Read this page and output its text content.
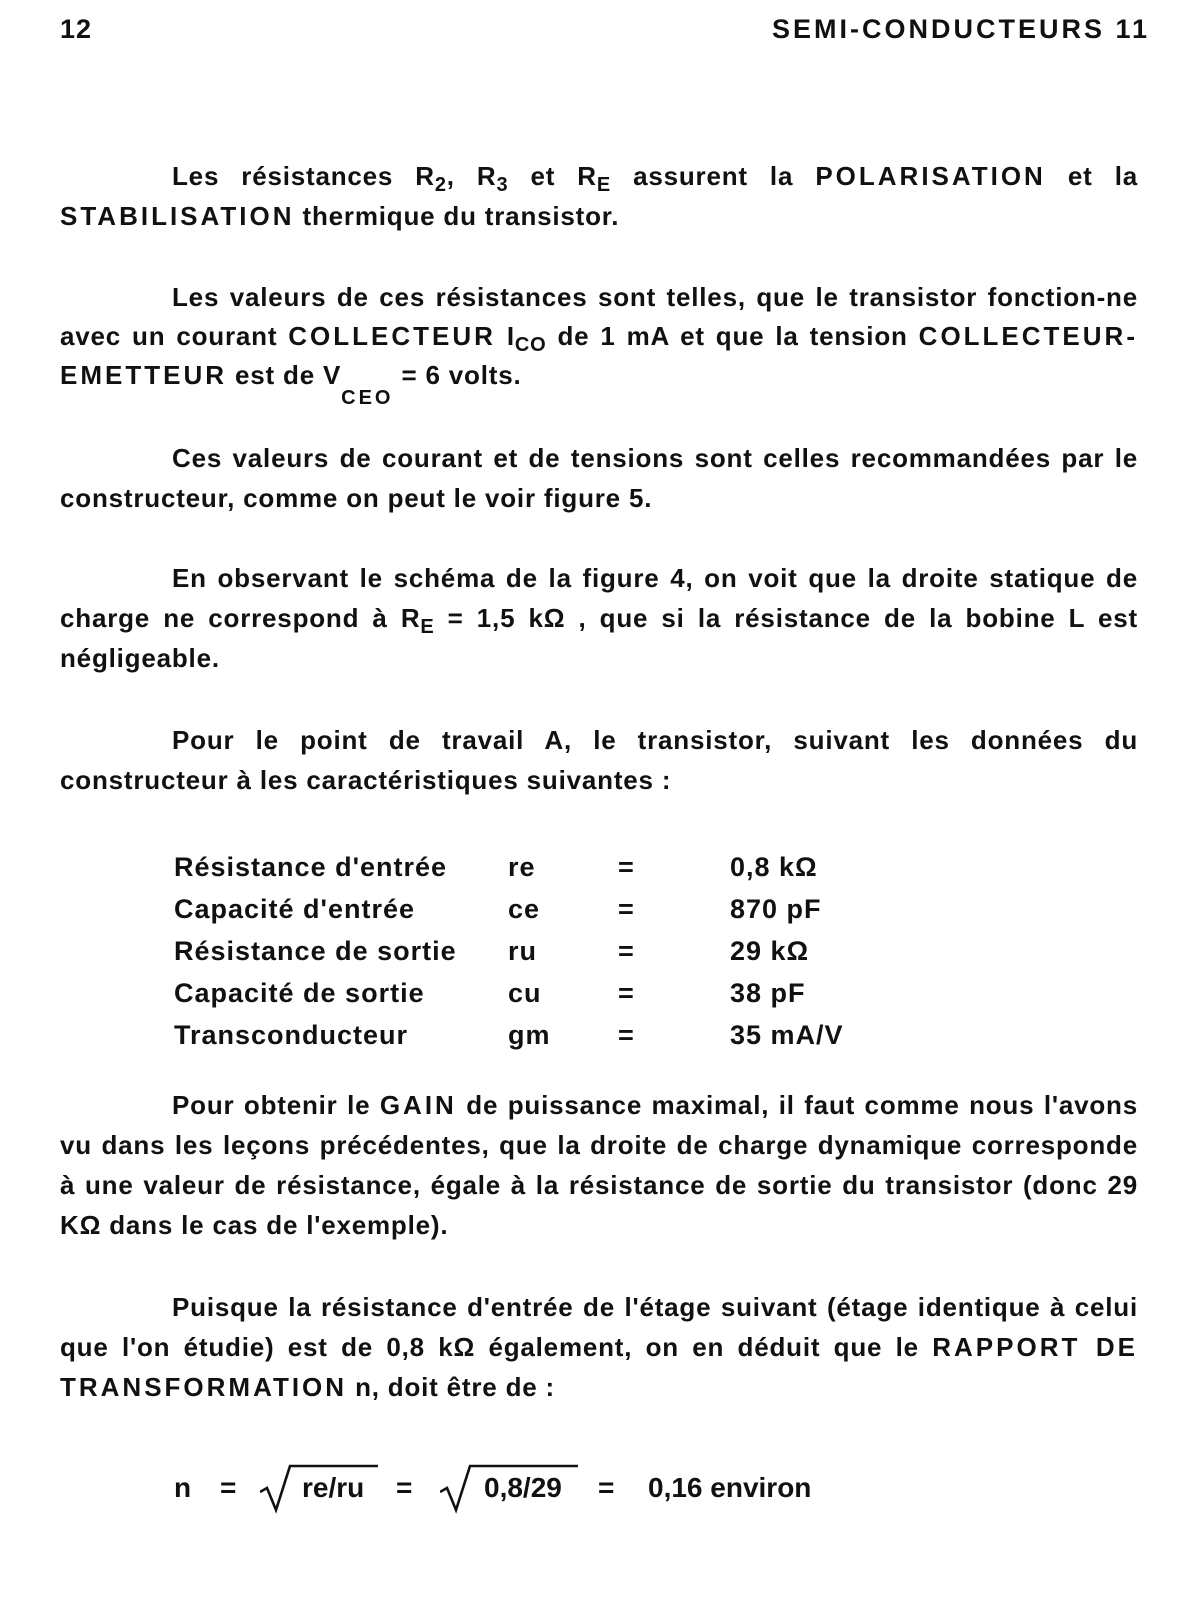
12	SEMI-CONDUCTEURS 11
Les résistances $R_2$, $R_3$ et $R_E$ assurent la POLARISATION et la STABILISATION thermique du transistor.
Les valeurs de ces résistances sont telles, que le transistor fonction-ne avec un courant COLLECTEUR $I_{CO}$ de 1 mA et que la tension COLLECTEUR-EMETTEUR est de $V_{CEO} = 6$ volts.
Ces valeurs de courant et de tensions sont celles recommandées par le constructeur, comme on peut le voir figure 5.
En observant le schéma de la figure 4, on voit que la droite statique de charge ne correspond à $R_E = 1,5$ kΩ , que si la résistance de la bobine L est négligeable.
Pour le point de travail A, le transistor, suivant les données du constructeur à les caractéristiques suivantes :
Résistance d'entrée re	=	0,8 kΩ
Capacité d'entrée	ce	=	870 pF
Résistance de sortie ru	=	29 kΩ
Capacité de sortie	cu	=	38 pF
Transconducteur	gm	=	35 mA/V
Pour obtenir le GAIN de puissance maximal, il faut comme nous l'avons vu dans les leçons précédentes, que la droite de charge dynamique corresponde à une valeur de résistance, égale à la résistance de sortie du transistor (donc 29 KΩ dans le cas de l'exemple).
Puisque la résistance d'entrée de l'étage suivant (étage identique à celui que l'on étudie) est de 0,8 kΩ également, on en déduit que le RAPPORT DE TRANSFORMATION n, doit être de :
n = re/ru =	0,8/29 = 0,16 environ
